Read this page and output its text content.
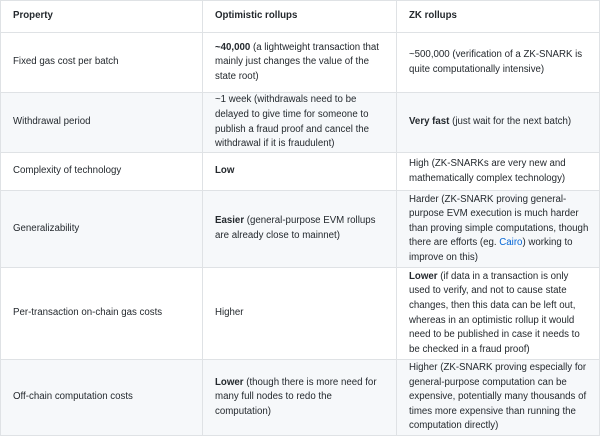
Property	Optimistic rollups	ZK rollups
Fixed gas cost per batch	~40,000 (a lightweight transaction that mainly just changes the value of the state root)	~500,000 (verification of a ZK-SNARK is quite computationally intensive)
Withdrawal period	~1 week (withdrawals need to be delayed to give time for someone to publish a fraud proof and cancel the withdrawal if it is fraudulent)	Very fast (just wait for the next batch)
Complexity of technology	Low	High (ZK-SNARKs are very new and mathematically complex technology)
Generalizability	Easier (general-purpose EVM rollups are already close to mainnet)	Harder (ZK-SNARK proving general-purpose EVM execution is much harder than proving simple computations, though there are efforts (eg. Cairo) working to improve on this)
Per-transaction on-chain gas costs	Higher	Lower (if data in a transaction is only used to verify, and not to cause state changes, then this data can be left out, whereas in an optimistic rollup it would need to be published in case it needs to be checked in a fraud proof)
Off-chain computation costs	Lower (though there is more need for many full nodes to redo the computation)	Higher (ZK-SNARK proving especially for general-purpose computation can be expensive, potentially many thousands of times more expensive than running the computation directly)
